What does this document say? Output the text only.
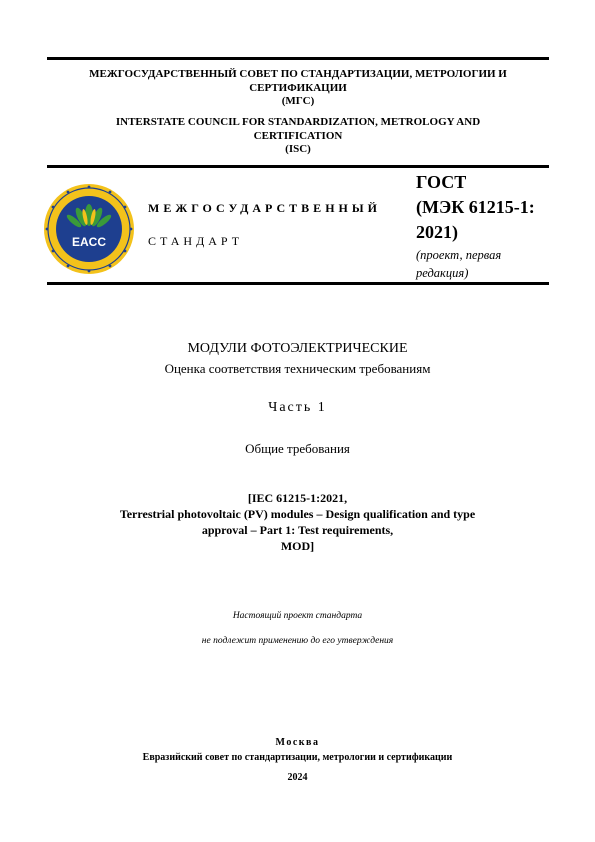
МЕЖГОСУДАРСТВЕННЫЙ СОВЕТ ПО СТАНДАРТИЗАЦИИ, МЕТРОЛОГИИ И
СЕРТИФИКАЦИИ
(МГС)
INTERSTATE COUNCIL FOR STANDARDIZATION, METROLOGY AND
CERTIFICATION
(ISC)
EACC
МЕЖГОСУДАРСТВЕННЫЙ
СТАНДАРТ
ГОСТ
(МЭК 61215-1:
2021)
(проект, первая
редакция)
МОДУЛИ ФОТОЭЛЕКТРИЧЕСКИЕ
Оценка соответствия техническим требованиям
Часть 1
Общие требования
[IEC 61215-1:2021,
Terrestrial photovoltaic (PV) modules – Design qualification and type
approval – Part 1: Test requirements,
MOD]
Настоящий проект стандарта
не подлежит применению до его утверждения
Москва
Евразийский совет по стандартизации, метрологии и сертификации
2024
